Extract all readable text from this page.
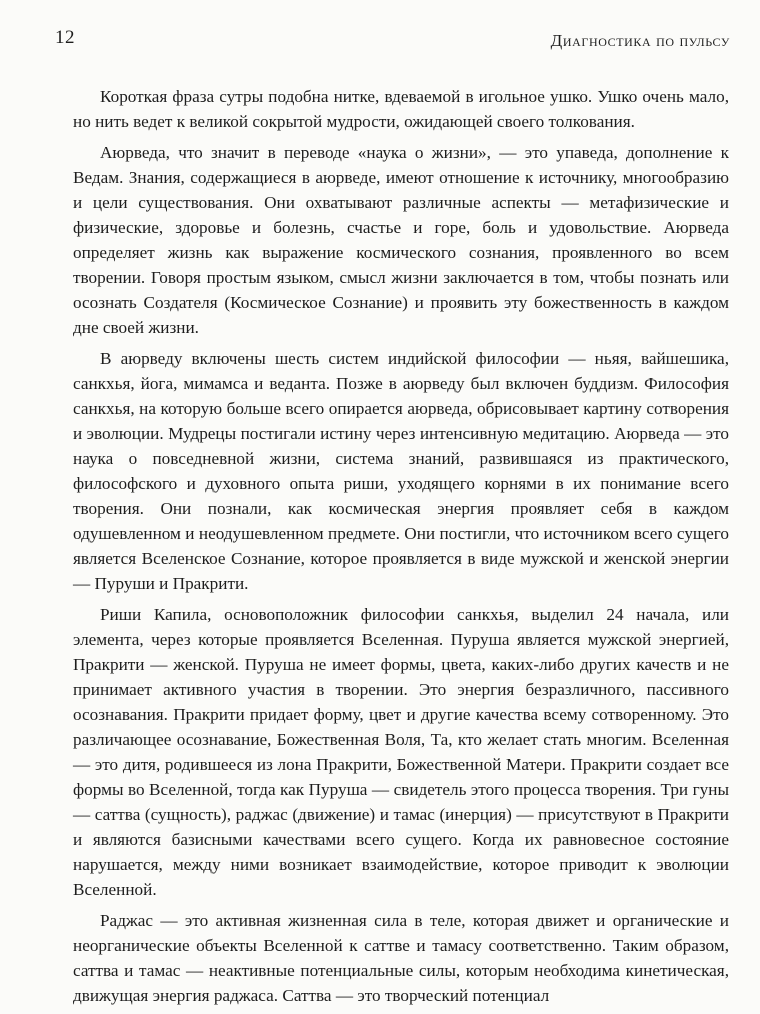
12	Диагностика по пульсу

Короткая фраза сутры подобна нитке, вдеваемой в игольное ушко. Ушко очень мало, но нить ведет к великой сокрытой мудрости, ожидающей своего толкования.

Аюрведа, что значит в переводе «наука о жизни», — это упаведа, дополнение к Ведам. Знания, содержащиеся в аюрведе, имеют отношение к источнику, многообразию и цели существования. Они охватывают различные аспекты — метафизические и физические, здоровье и болезнь, счастье и горе, боль и удовольствие. Аюрведа определяет жизнь как выражение космического сознания, проявленного во всем творении. Говоря простым языком, смысл жизни заключается в том, чтобы познать или осознать Создателя (Космическое Сознание) и проявить эту божественность в каждом дне своей жизни.

В аюрведу включены шесть систем индийской философии — ньяя, вайшешика, санкхья, йога, мимамса и веданта. Позже в аюрведу был включен буддизм. Философия санкхья, на которую больше всего опирается аюрведа, обрисовывает картину сотворения и эволюции. Мудрецы постигали истину через интенсивную медитацию. Аюрведа — это наука о повседневной жизни, система знаний, развившаяся из практического, философского и духовного опыта риши, уходящего корнями в их понимание всего творения. Они познали, как космическая энергия проявляет себя в каждом одушевленном и неодушевленном предмете. Они постигли, что источником всего сущего является Вселенское Сознание, которое проявляется в виде мужской и женской энергии — Пуруши и Пракрити.

Риши Капила, основоположник философии санкхья, выделил 24 начала, или элемента, через которые проявляется Вселенная. Пуруша является мужской энергией, Пракрити — женской. Пуруша не имеет формы, цвета, каких-либо других качеств и не принимает активного участия в творении. Это энергия безразличного, пассивного осознавания. Пракрити придает форму, цвет и другие качества всему сотворенному. Это различающее осознавание, Божественная Воля, Та, кто желает стать многим. Вселенная — это дитя, родившееся из лона Пракрити, Божественной Матери. Пракрити создает все формы во Вселенной, тогда как Пуруша — свидетель этого процесса творения. Три гуны — саттва (сущность), раджас (движение) и тамас (инерция) — присутствуют в Пракрити и являются базисными качествами всего сущего. Когда их равновесное состояние нарушается, между ними возникает взаимодействие, которое приводит к эволюции Вселенной.

Раджас — это активная жизненная сила в теле, которая движет и органические и неорганические объекты Вселенной к саттве и тамасу соответственно. Таким образом, саттва и тамас — неактивные потенциальные силы, которым необходима кинетическая, движущая энергия раджаса. Саттва — это творческий потенциал
